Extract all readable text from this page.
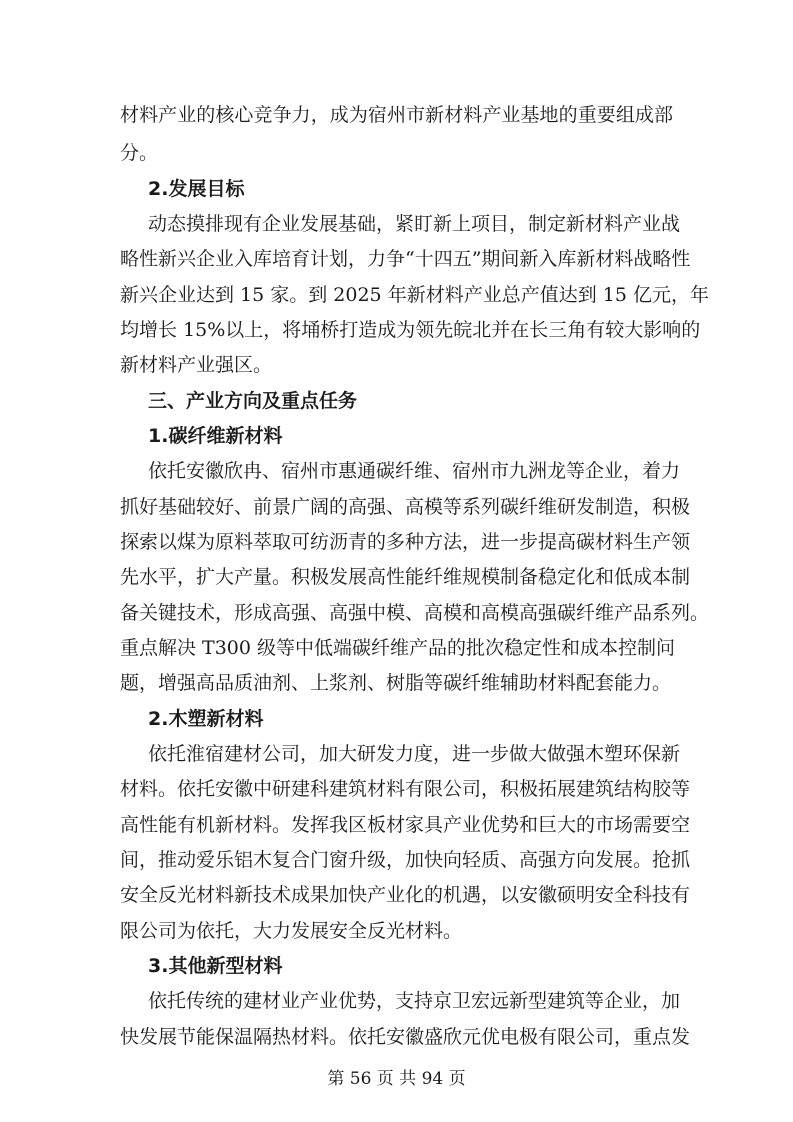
材料产业的核心竞争力，成为宿州市新材料产业基地的重要组成部
分。
2.发展目标
动态摸排现有企业发展基础，紧盯新上项目，制定新材料产业战
略性新兴企业入库培育计划，力争“十四五”期间新入库新材料战略性
新兴企业达到 15 家。到 2025 年新材料产业总产值达到 15 亿元，年
均增长 15%以上，将埇桥打造成为领先皖北并在长三角有较大影响的
新材料产业强区。
三、产业方向及重点任务
1.碳纤维新材料
依托安徽欣冉、宿州市惠通碳纤维、宿州市九洲龙等企业，着力
抓好基础较好、前景广阔的高强、高模等系列碳纤维研发制造，积极
探索以煤为原料萃取可纺沥青的多种方法，进一步提高碳材料生产领
先水平，扩大产量。积极发展高性能纤维规模制备稳定化和低成本制
备关键技术，形成高强、高强中模、高模和高模高强碳纤维产品系列。
重点解决 T300 级等中低端碳纤维产品的批次稳定性和成本控制问
题，增强高品质油剂、上浆剂、树脂等碳纤维辅助材料配套能力。
2.木塑新材料
依托淮宿建材公司，加大研发力度，进一步做大做强木塑环保新
材料。依托安徽中研建科建筑材料有限公司，积极拓展建筑结构胶等
高性能有机新材料。发挥我区板材家具产业优势和巨大的市场需要空
间，推动爱乐铝木复合门窗升级，加快向轻质、高强方向发展。抢抓
安全反光材料新技术成果加快产业化的机遇，以安徽硕明安全科技有
限公司为依托，大力发展安全反光材料。
3.其他新型材料
依托传统的建材业产业优势，支持京卫宏远新型建筑等企业，加
快发展节能保温隔热材料。依托安徽盛欣元优电极有限公司，重点发
第 56 页 共 94 页
